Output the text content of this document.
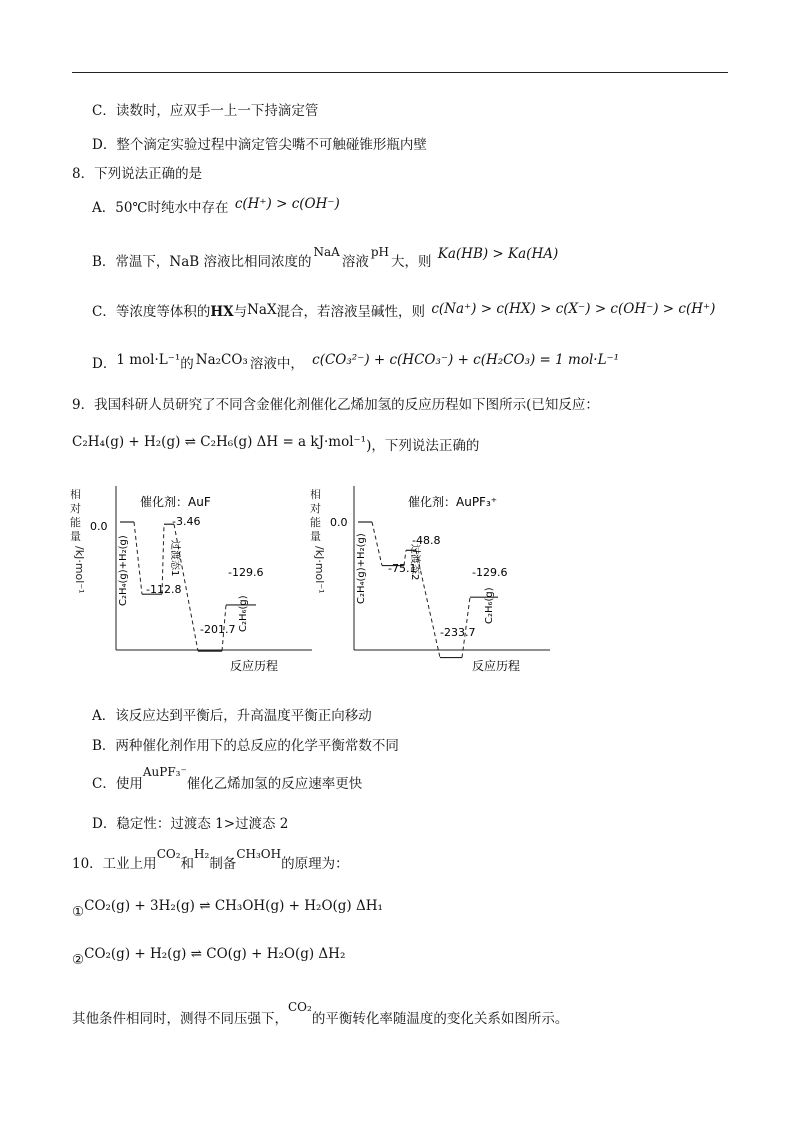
C．读数时，应双手一上一下持滴定管
D．整个滴定实验过程中滴定管尖嘴不可触碰锥形瓶内壁
8．下列说法正确的是
A．50℃时纯水中存在 c(H⁺) > c(OH⁻)
B．常温下，NaB 溶液比相同浓度的NaA溶液pH大，则 Ka(HB) > Ka(HA)
C．等浓度等体积的HX与NaX混合，若溶液呈碱性，则 c(Na⁺) > c(HX) > c(X⁻) > c(OH⁻) > c(H⁺)
D．1 mol·L⁻¹的 Na₂CO₃ 溶液中， c(CO₃²⁻) + c(HCO₃⁻) + c(H₂CO₃) = 1 mol·L⁻¹
9．我国科研人员研究了不同含金催化剂催化乙烯加氢的反应历程如下图所示(已知反应：
C₂H₄(g) + H₂(g) ⇌ C₂H₆(g) ΔH = a kJ·mol⁻¹)，下列说法正确的
相
对
能
量
/kJ·mol⁻¹
催化剂：AuF
反应历程
0.0
C₂H₄(g)+H₂(g)	过渡态1
C₂H₆(g)
-112.8
-3.46
-201.7
-129.6
相
对
能
量
/kJ·mol⁻¹
催化剂：AuPF₃⁺
反应历程
0.0
C₂H₄(g)+H₂(g)	过渡态2
C₂H₆(g)
-75.1
-48.8
-233.7
-129.6
A．该反应达到平衡后，升高温度平衡正向移动
B．两种催化剂作用下的总反应的化学平衡常数不同
C．使用AuPF₃⁻催化乙烯加氢的反应速率更快
D．稳定性：过渡态 1>过渡态 2
10．工业上用CO₂和H₂制备CH₃OH的原理为：
①CO₂(g) + 3H₂(g) ⇌ CH₃OH(g) + H₂O(g) ΔH₁
②CO₂(g) + H₂(g) ⇌ CO(g) + H₂O(g) ΔH₂
其他条件相同时，测得不同压强下，CO₂的平衡转化率随温度的变化关系如图所示。
